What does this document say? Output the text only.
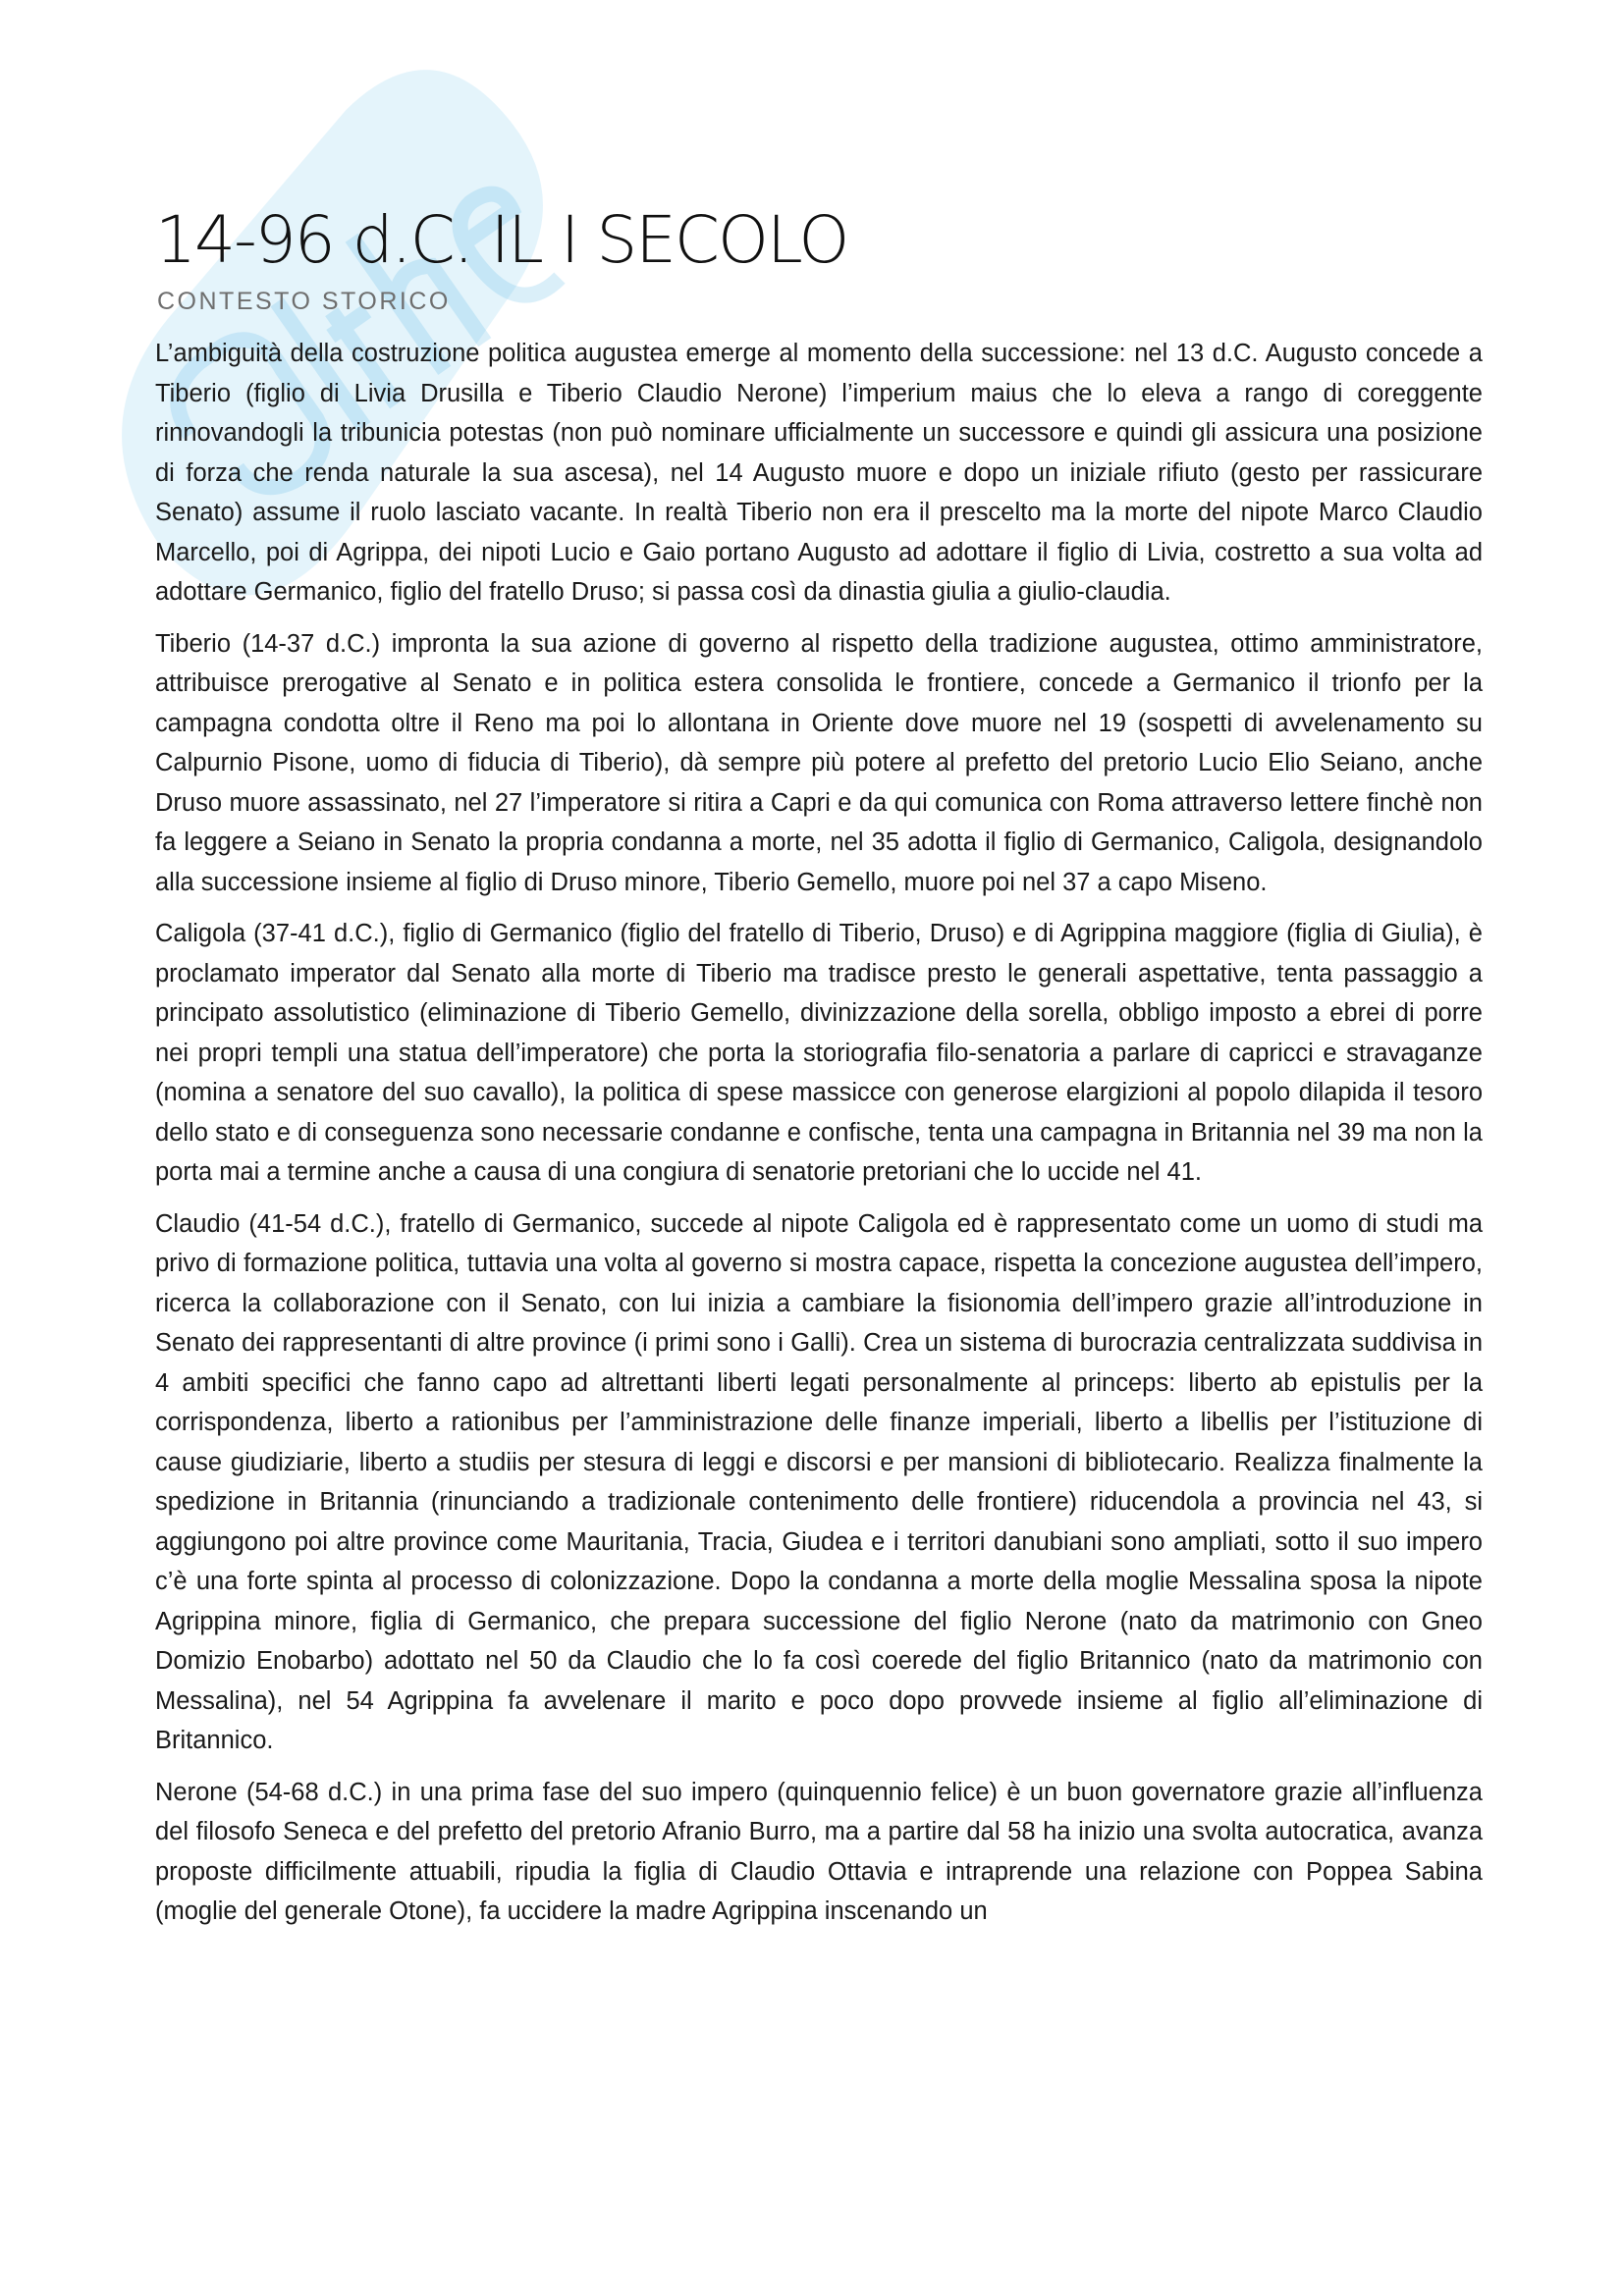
14-96 d.C. IL I SECOLO
CONTESTO STORICO

L’ambiguità della costruzione politica augustea emerge al momento della successione: nel 13 d.C. Augusto concede a Tiberio (figlio di Livia Drusilla e Tiberio Claudio Nerone) l’imperium maius che lo eleva a rango di coreggente rinnovandogli la tribunicia potestas (non può nominare ufficialmente un successore e quindi gli assicura una posizione di forza che renda naturale la sua ascesa), nel 14 Augusto muore e dopo un iniziale rifiuto (gesto per rassicurare Senato) assume il ruolo lasciato vacante. In realtà Tiberio non era il prescelto ma la morte del nipote Marco Claudio Marcello, poi di Agrippa, dei nipoti Lucio e Gaio portano Augusto ad adottare il figlio di Livia, costretto a sua volta ad adottare Germanico, figlio del fratello Druso; si passa così da dinastia giulia a giulio-claudia.

Tiberio (14-37 d.C.) impronta la sua azione di governo al rispetto della tradizione augustea, ottimo amministratore, attribuisce prerogative al Senato e in politica estera consolida le frontiere, concede a Germanico il trionfo per la campagna condotta oltre il Reno ma poi lo allontana in Oriente dove muore nel 19 (sospetti di avvelenamento su Calpurnio Pisone, uomo di fiducia di Tiberio), dà sempre più potere al prefetto del pretorio Lucio Elio Seiano, anche Druso muore assassinato, nel 27 l’imperatore si ritira a Capri e da qui comunica con Roma attraverso lettere finchè non fa leggere a Seiano in Senato la propria condanna a morte, nel 35 adotta il figlio di Germanico, Caligola, designandolo alla successione insieme al figlio di Druso minore, Tiberio Gemello, muore poi nel 37 a capo Miseno.

Caligola (37-41 d.C.), figlio di Germanico (figlio del fratello di Tiberio, Druso) e di Agrippina maggiore (figlia di Giulia), è proclamato imperator dal Senato alla morte di Tiberio ma tradisce presto le generali aspettative, tenta passaggio a principato assolutistico (eliminazione di Tiberio Gemello, divinizzazione della sorella, obbligo imposto a ebrei di porre nei propri templi una statua dell’imperatore) che porta la storiografia filo-senatoria a parlare di capricci e stravaganze (nomina a senatore del suo cavallo), la politica di spese massicce con generose elargizioni al popolo dilapida il tesoro dello stato e di conseguenza sono necessarie condanne e confische, tenta una campagna in Britannia nel 39 ma non la porta mai a termine anche a causa di una congiura di senatorie pretoriani che lo uccide nel 41.

Claudio (41-54 d.C.), fratello di Germanico, succede al nipote Caligola ed è rappresentato come un uomo di studi ma privo di formazione politica, tuttavia una volta al governo si mostra capace, rispetta la concezione augustea dell’impero, ricerca la collaborazione con il Senato, con lui inizia a cambiare la fisionomia dell’impero grazie all’introduzione in Senato dei rappresentanti di altre province (i primi sono i Galli). Crea un sistema di burocrazia centralizzata suddivisa in 4 ambiti specifici che fanno capo ad altrettanti liberti legati personalmente al princeps: liberto ab epistulis per la corrispondenza, liberto a rationibus per l’amministrazione delle finanze imperiali, liberto a libellis per l’istituzione di cause giudiziarie, liberto a studiis per stesura di leggi e discorsi e per mansioni di bibliotecario. Realizza finalmente la spedizione in Britannia (rinunciando a tradizionale contenimento delle frontiere) riducendola a provincia nel 43, si aggiungono poi altre province come Mauritania, Tracia, Giudea e i territori danubiani sono ampliati, sotto il suo impero c’è una forte spinta al processo di colonizzazione. Dopo la condanna a morte della moglie Messalina sposa la nipote Agrippina minore, figlia di Germanico, che prepara successione del figlio Nerone (nato da matrimonio con Gneo Domizio Enobarbo) adottato nel 50 da Claudio che lo fa così coerede del figlio Britannico (nato da matrimonio con Messalina), nel 54 Agrippina fa avvelenare il marito e poco dopo provvede insieme al figlio all’eliminazione di Britannico.

Nerone (54-68 d.C.) in una prima fase del suo impero (quinquennio felice) è un buon governatore grazie all’influenza del filosofo Seneca e del prefetto del pretorio Afranio Burro, ma a partire dal 58 ha inizio una svolta autocratica, avanza proposte difficilmente attuabili, ripudia la figlia di Claudio Ottavia e intraprende una relazione con Poppea Sabina (moglie del generale Otone), fa uccidere la madre Agrippina inscenando un
